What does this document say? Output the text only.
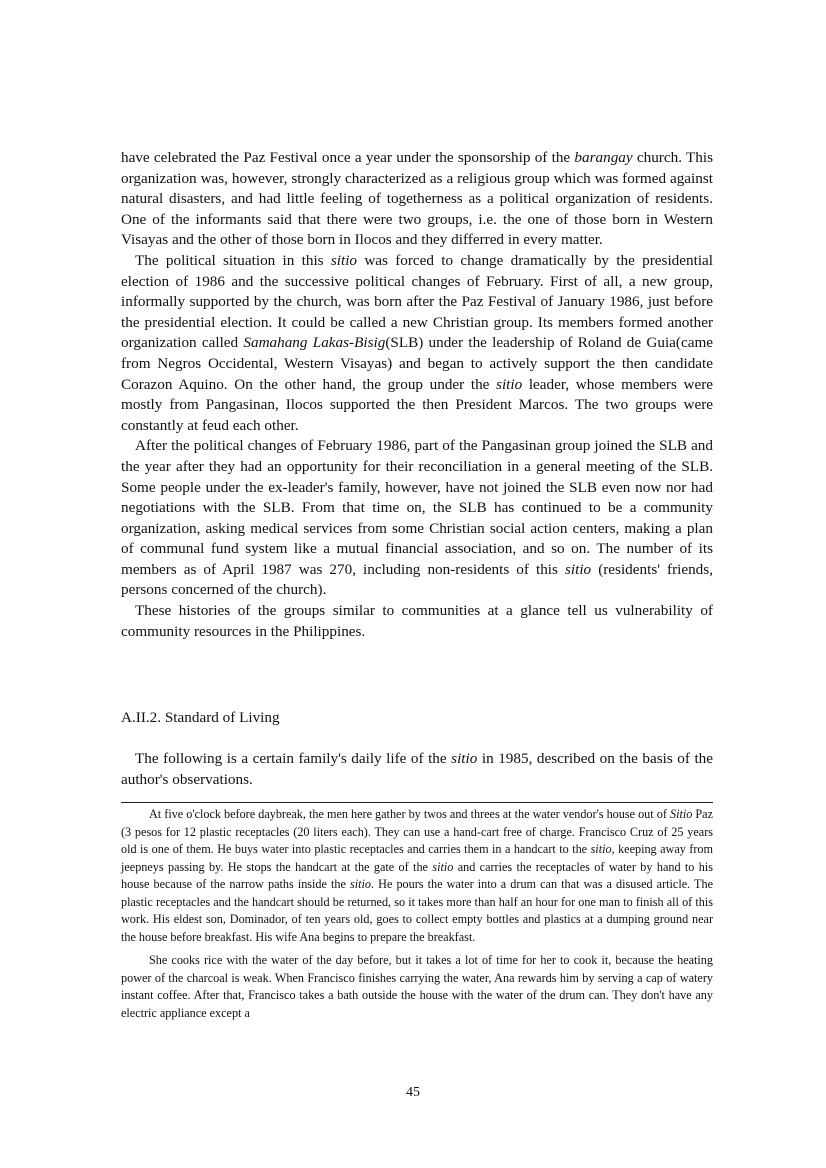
have celebrated the Paz Festival once a year under the sponsorship of the barangay church. This organization was, however, strongly characterized as a religious group which was formed against natural disasters, and had little feeling of togetherness as a political organization of residents. One of the informants said that there were two groups, i.e. the one of those born in Western Visayas and the other of those born in Ilocos and they differred in every matter.

The political situation in this sitio was forced to change dramatically by the presidential election of 1986 and the successive political changes of February. First of all, a new group, informally supported by the church, was born after the Paz Festival of January 1986, just before the presidential election. It could be called a new Christian group. Its members formed another organization called Samahang Lakas-Bisig(SLB) under the leadership of Roland de Guia(came from Negros Occidental, Western Visayas) and began to actively support the then candidate Corazon Aquino. On the other hand, the group under the sitio leader, whose members were mostly from Pangasinan, Ilocos supported the then President Marcos. The two groups were constantly at feud each other.

After the political changes of February 1986, part of the Pangasinan group joined the SLB and the year after they had an opportunity for their reconciliation in a general meeting of the SLB. Some people under the ex-leader's family, however, have not joined the SLB even now nor had negotiations with the SLB. From that time on, the SLB has continued to be a community organization, asking medical services from some Christian social action centers, making a plan of communal fund system like a mutual financial association, and so on. The number of its members as of April 1987 was 270, including non-residents of this sitio (residents' friends, persons concerned of the church).

These histories of the groups similar to communities at a glance tell us vulnerability of community resources in the Philippines.

A.II.2. Standard of Living

The following is a certain family's daily life of the sitio in 1985, described on the basis of the author's observations.

At five o'clock before daybreak, the men here gather by twos and threes at the water vendor's house out of Sitio Paz (3 pesos for 12 plastic receptacles (20 liters each). They can use a hand-cart free of charge. Francisco Cruz of 25 years old is one of them. He buys water into plastic receptacles and carries them in a handcart to the sitio, keeping away from jeepneys passing by. He stops the handcart at the gate of the sitio and carries the receptacles of water by hand to his house because of the narrow paths inside the sitio. He pours the water into a drum can that was a disused article. The plastic receptacles and the handcart should be returned, so it takes more than half an hour for one man to finish all of this work. His eldest son, Dominador, of ten years old, goes to collect empty bottles and plastics at a dumping ground near the house before breakfast. His wife Ana begins to prepare the breakfast.

She cooks rice with the water of the day before, but it takes a lot of time for her to cook it, because the heating power of the charcoal is weak. When Francisco finishes carrying the water, Ana rewards him by serving a cap of watery instant coffee. After that, Francisco takes a bath outside the house with the water of the drum can. They don't have any electric appliance except a

45
